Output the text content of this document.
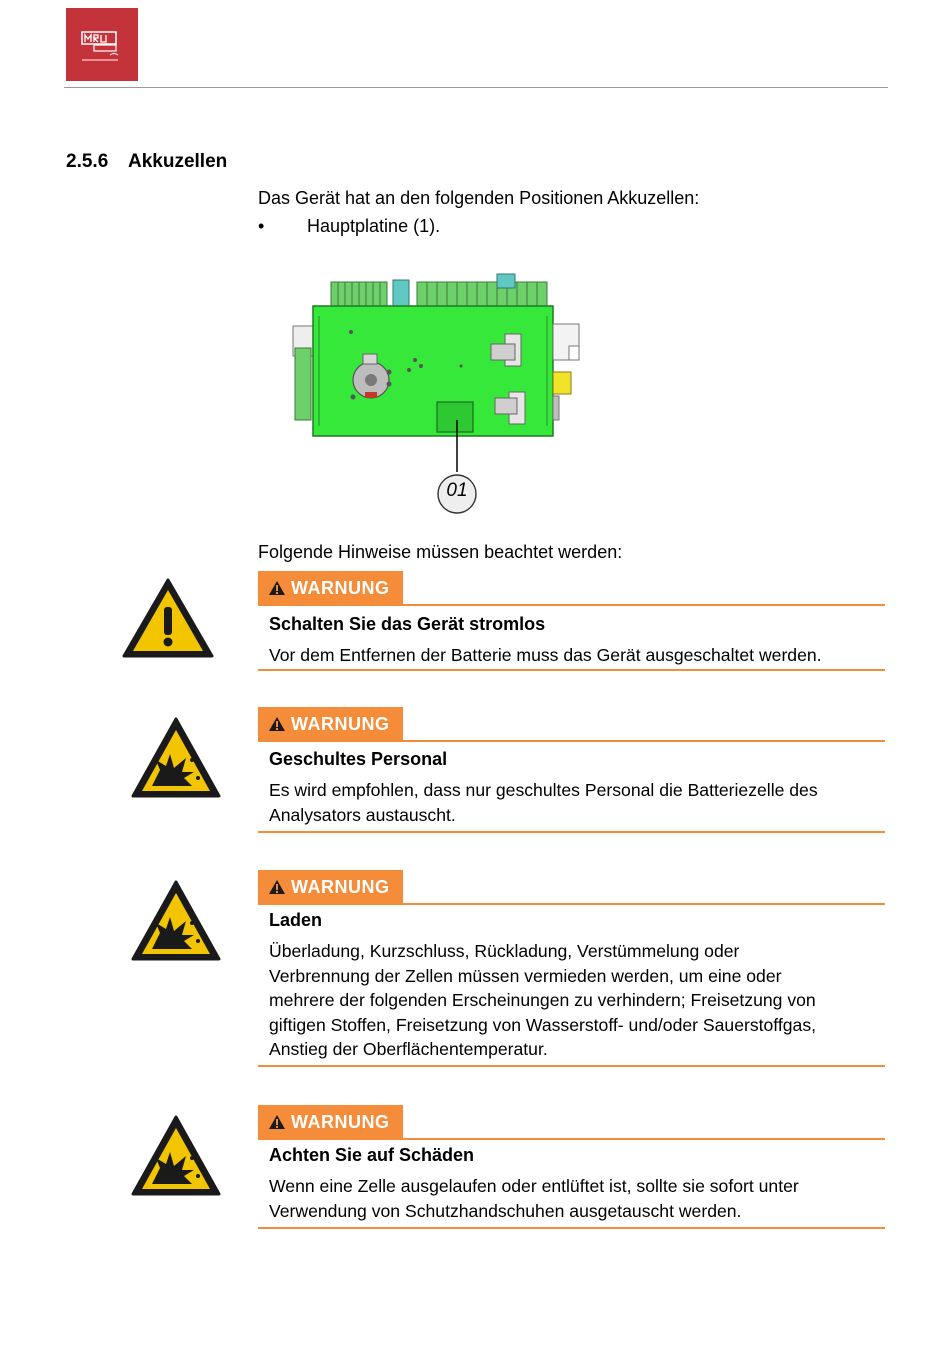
2.5.6 Akkuzellen
Das Gerät hat an den folgenden Positionen Akkuzellen:
• Hauptplatine (1).
01
Folgende Hinweise müssen beachtet werden:
WARNUNG
Schalten Sie das Gerät stromlos
Vor dem Entfernen der Batterie muss das Gerät ausgeschaltet werden.
WARNUNG
Geschultes Personal
Es wird empfohlen, dass nur geschultes Personal die Batteriezelle des
Analysators austauscht.
WARNUNG
Laden
Überladung, Kurzschluss, Rückladung, Verstümmelung oder
Verbrennung der Zellen müssen vermieden werden, um eine oder
mehrere der folgenden Erscheinungen zu verhindern; Freisetzung von
giftigen Stoffen, Freisetzung von Wasserstoff- und/oder Sauerstoffgas,
Anstieg der Oberflächentemperatur.
WARNUNG
Achten Sie auf Schäden
Wenn eine Zelle ausgelaufen oder entlüftet ist, sollte sie sofort unter
Verwendung von Schutzhandschuhen ausgetauscht werden.
